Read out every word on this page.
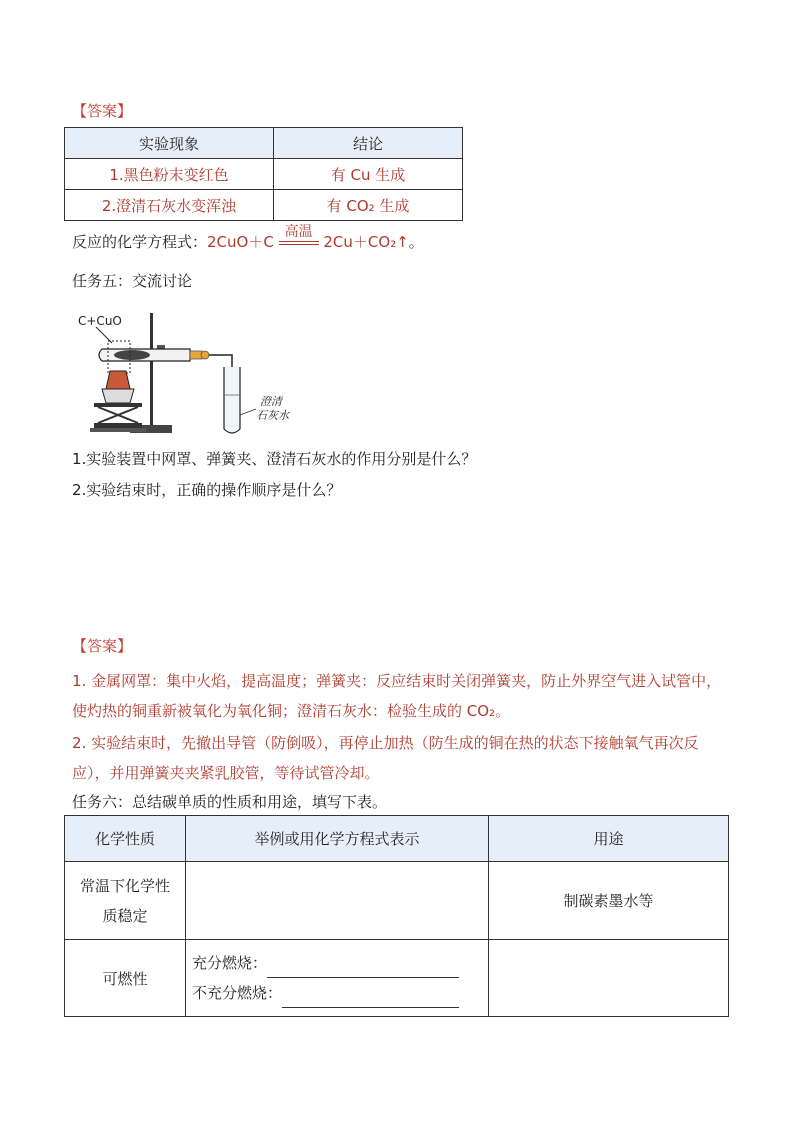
【答案】
实验现象	结论
1.黑色粉末变红色	有 Cu 生成
2.澄清石灰水变浑浊	有 CO₂ 生成
反应的化学方程式：2CuO＋C
高温
2Cu＋CO₂↑。
任务五：交流讨论
C+CuO
澄清
石灰水
1.实验装置中网罩、弹簧夹、澄清石灰水的作用分别是什么？
2.实验结束时，正确的操作顺序是什么？
【答案】
1. 金属网罩：集中火焰，提高温度；弹簧夹：反应结束时关闭弹簧夹，防止外界空气进入试管中，使灼热的铜重新被氧化为氧化铜；澄清石灰水：检验生成的 CO₂。
2. 实验结束时，先撤出导管（防倒吸），再停止加热（防生成的铜在热的状态下接触氧气再次反应），并用弹簧夹夹紧乳胶管，等待试管冷却。
任务六：总结碳单质的性质和用途，填写下表。
化学性质	举例或用化学方程式表示	用途
常温下化学性质稳定		制碳素墨水等
可燃性	充分燃烧：
不充分燃烧：	
